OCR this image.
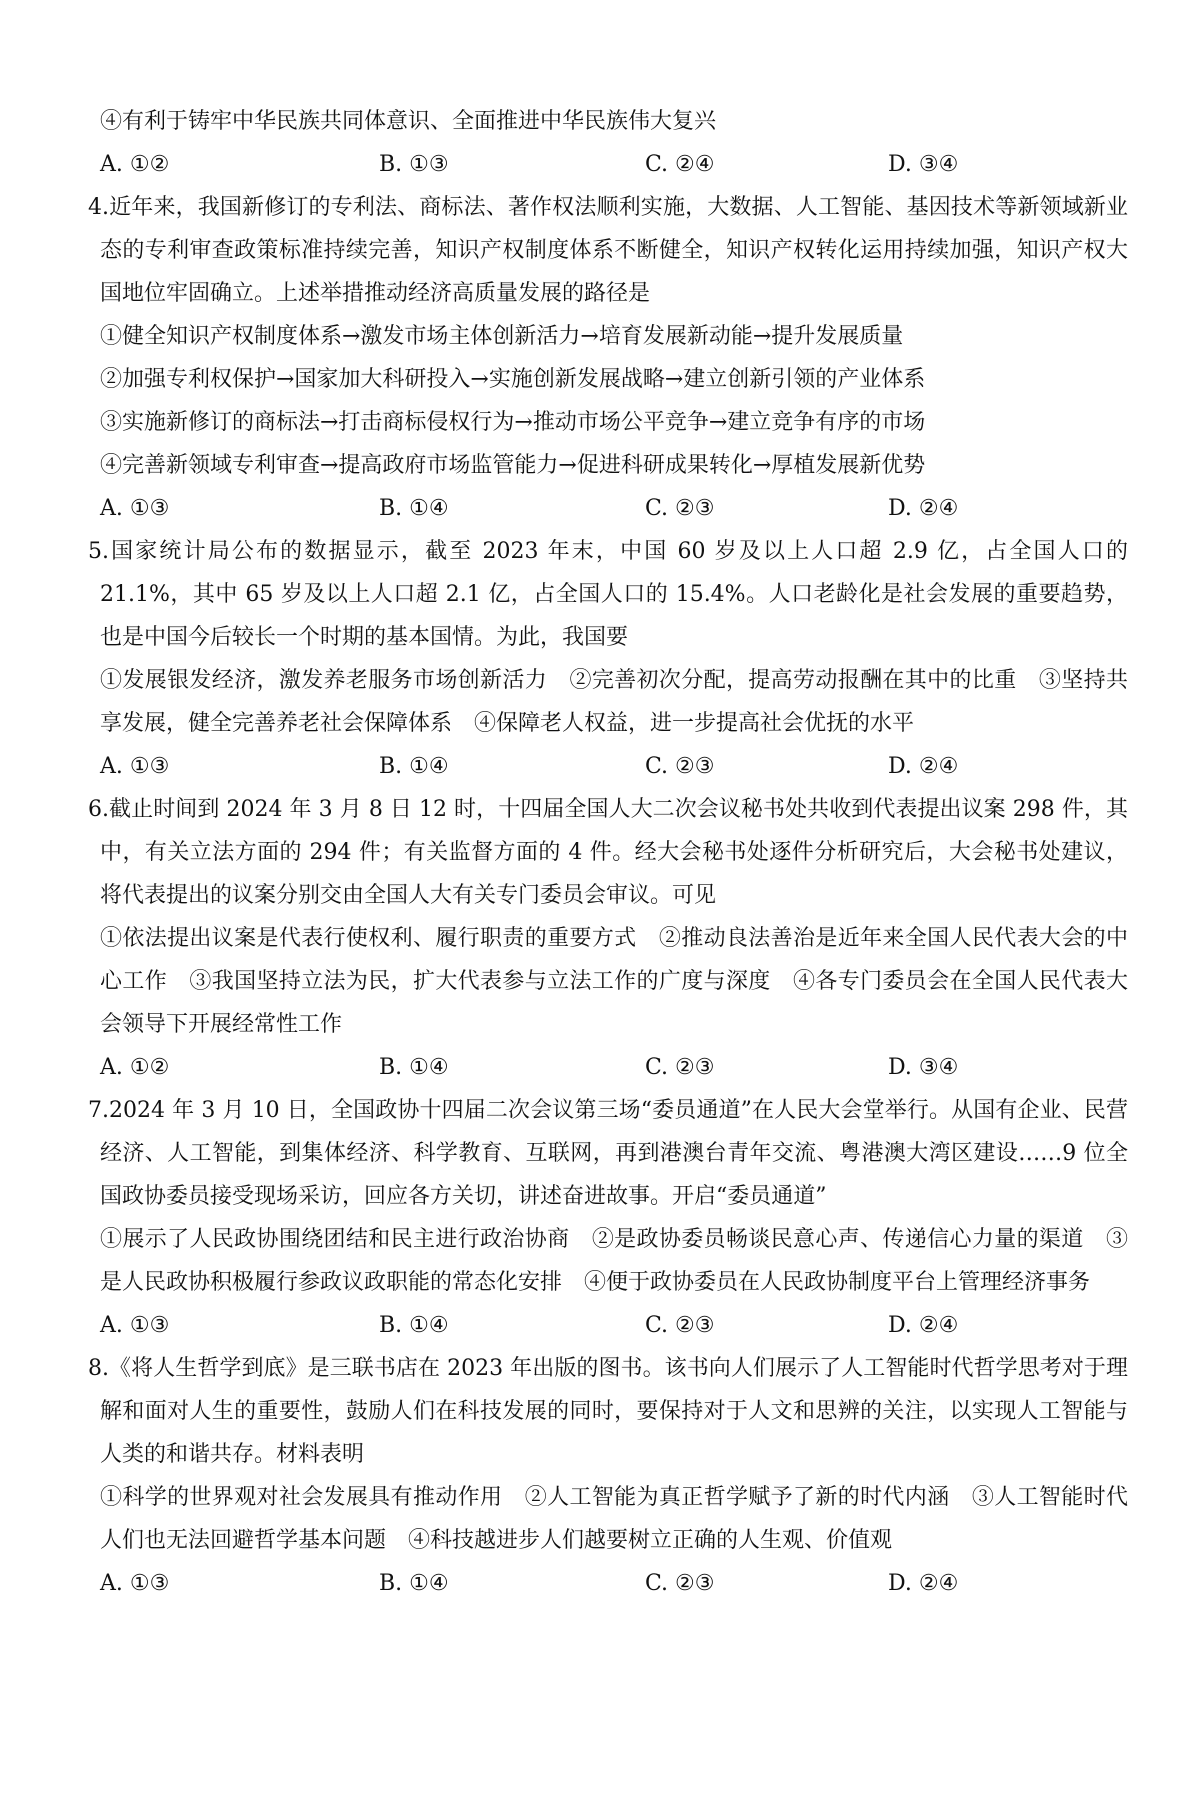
④有利于铸牢中华民族共同体意识、全面推进中华民族伟大复兴
A. ①②	B. ①③	C. ②④	D. ③④
4.近年来，我国新修订的专利法、商标法、著作权法顺利实施，大数据、人工智能、基因技术等新领域新业态的专利审查政策标准持续完善，知识产权制度体系不断健全，知识产权转化运用持续加强，知识产权大国地位牢固确立。上述举措推动经济高质量发展的路径是
①健全知识产权制度体系→激发市场主体创新活力→培育发展新动能→提升发展质量
②加强专利权保护→国家加大科研投入→实施创新发展战略→建立创新引领的产业体系
③实施新修订的商标法→打击商标侵权行为→推动市场公平竞争→建立竞争有序的市场
④完善新领域专利审查→提高政府市场监管能力→促进科研成果转化→厚植发展新优势
A. ①③	B. ①④	C. ②③	D. ②④
5.国家统计局公布的数据显示，截至 2023 年末，中国 60 岁及以上人口超 2.9 亿，占全国人口的 21.1%，其中 65 岁及以上人口超 2.1 亿，占全国人口的 15.4%。人口老龄化是社会发展的重要趋势，也是中国今后较长一个时期的基本国情。为此，我国要
①发展银发经济，激发养老服务市场创新活力　②完善初次分配，提高劳动报酬在其中的比重　③坚持共享发展，健全完善养老社会保障体系　④保障老人权益，进一步提高社会优抚的水平
A. ①③	B. ①④	C. ②③	D. ②④
6.截止时间到 2024 年 3 月 8 日 12 时，十四届全国人大二次会议秘书处共收到代表提出议案 298 件，其中，有关立法方面的 294 件；有关监督方面的 4 件。经大会秘书处逐件分析研究后，大会秘书处建议，将代表提出的议案分别交由全国人大有关专门委员会审议。可见
①依法提出议案是代表行使权利、履行职责的重要方式　②推动良法善治是近年来全国人民代表大会的中心工作　③我国坚持立法为民，扩大代表参与立法工作的广度与深度　④各专门委员会在全国人民代表大会领导下开展经常性工作
A. ①②	B. ①④	C. ②③	D. ③④
7.2024 年 3 月 10 日，全国政协十四届二次会议第三场“委员通道”在人民大会堂举行。从国有企业、民营经济、人工智能，到集体经济、科学教育、互联网，再到港澳台青年交流、粤港澳大湾区建设……9 位全国政协委员接受现场采访，回应各方关切，讲述奋进故事。开启“委员通道”
①展示了人民政协围绕团结和民主进行政治协商　②是政协委员畅谈民意心声、传递信心力量的渠道　③是人民政协积极履行参政议政职能的常态化安排　④便于政协委员在人民政协制度平台上管理经济事务
A. ①③	B. ①④	C. ②③	D. ②④
8.《将人生哲学到底》是三联书店在 2023 年出版的图书。该书向人们展示了人工智能时代哲学思考对于理解和面对人生的重要性，鼓励人们在科技发展的同时，要保持对于人文和思辨的关注，以实现人工智能与人类的和谐共存。材料表明
①科学的世界观对社会发展具有推动作用　②人工智能为真正哲学赋予了新的时代内涵　③人工智能时代人们也无法回避哲学基本问题　④科技越进步人们越要树立正确的人生观、价值观
A. ①③	B. ①④	C. ②③	D. ②④
